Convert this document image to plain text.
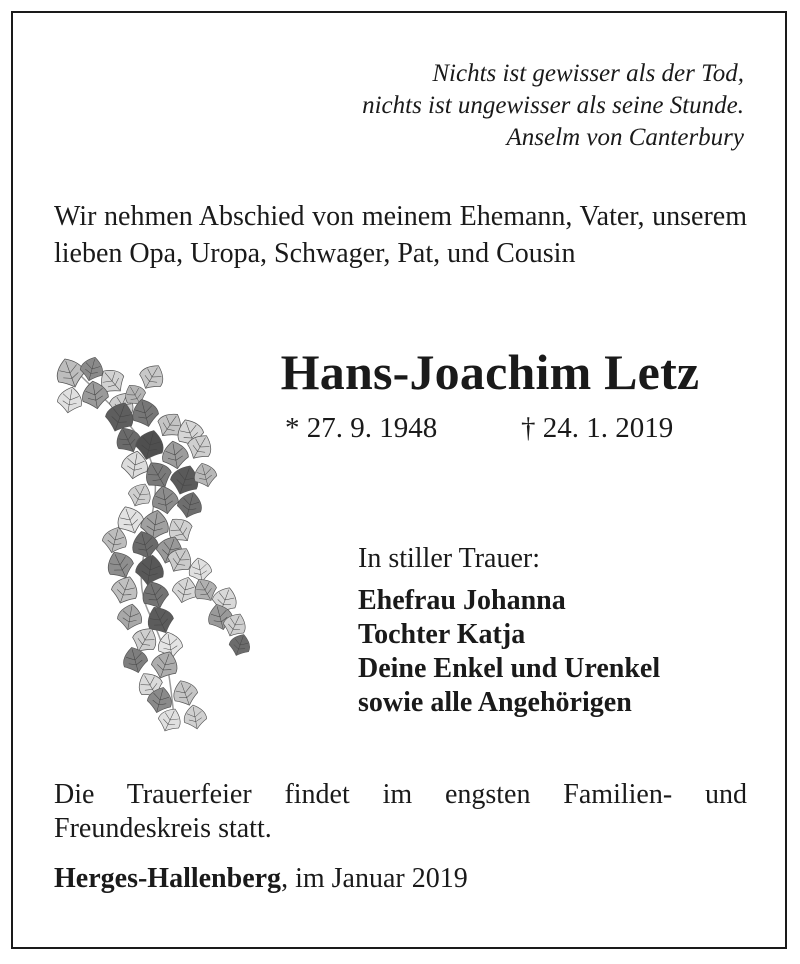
Nichts ist gewisser als der Tod,
nichts ist ungewisser als seine Stunde.
Anselm von Canterbury
Wir nehmen Abschied von meinem Ehemann, Vater, unserem lieben Opa, Uropa, Schwager, Pat, und Cousin
Hans-Joachim Letz
* 27. 9. 1948	† 24. 1. 2019
In stiller Trauer:
Ehefrau Johanna
Tochter Katja
Deine Enkel und Urenkel
sowie alle Angehörigen
Die Trauerfeier findet im engsten Familien- und Freundeskreis statt.
Herges-Hallenberg, im Januar 2019
